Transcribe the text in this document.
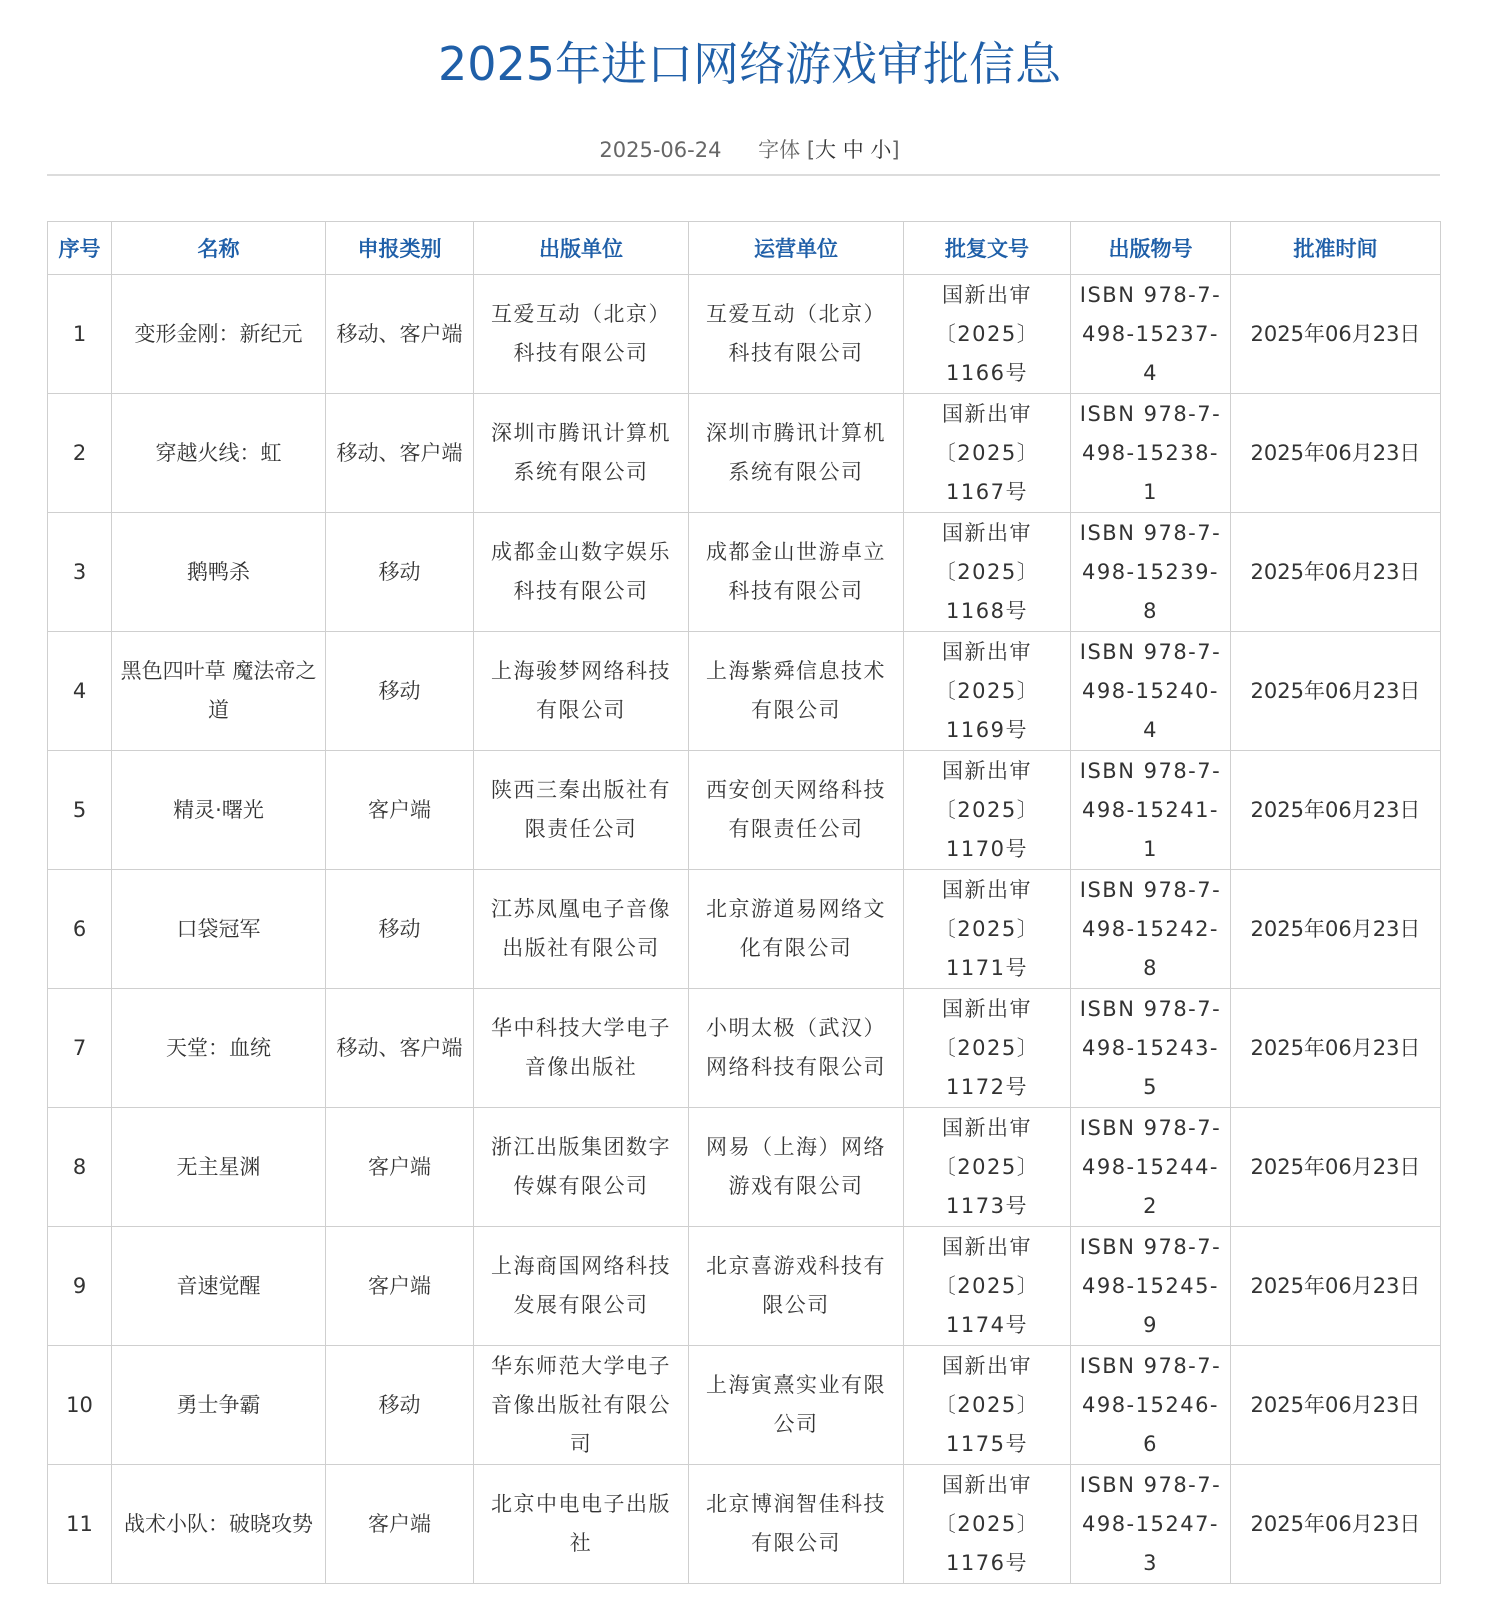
2025年进口网络游戏审批信息
2025-06-24 字体 [大 中 小]
序号	名称	申报类别	出版单位	运营单位	批复文号	出版物号	批准时间
1	变形金刚：新纪元	移动、客户端	互爱互动（北京）科技有限公司	互爱互动（北京）科技有限公司	国新出审〔2025〕1166号	ISBN 978-7-498-15237-4	2025年06月23日
2	穿越火线：虹	移动、客户端	深圳市腾讯计算机系统有限公司	深圳市腾讯计算机系统有限公司	国新出审〔2025〕1167号	ISBN 978-7-498-15238-1	2025年06月23日
3	鹅鸭杀	移动	成都金山数字娱乐科技有限公司	成都金山世游卓立科技有限公司	国新出审〔2025〕1168号	ISBN 978-7-498-15239-8	2025年06月23日
4	黑色四叶草 魔法帝之道	移动	上海骏梦网络科技有限公司	上海紫舜信息技术有限公司	国新出审〔2025〕1169号	ISBN 978-7-498-15240-4	2025年06月23日
5	精灵·曙光	客户端	陕西三秦出版社有限责任公司	西安创天网络科技有限责任公司	国新出审〔2025〕1170号	ISBN 978-7-498-15241-1	2025年06月23日
6	口袋冠军	移动	江苏凤凰电子音像出版社有限公司	北京游道易网络文化有限公司	国新出审〔2025〕1171号	ISBN 978-7-498-15242-8	2025年06月23日
7	天堂：血统	移动、客户端	华中科技大学电子音像出版社	小明太极（武汉）网络科技有限公司	国新出审〔2025〕1172号	ISBN 978-7-498-15243-5	2025年06月23日
8	无主星渊	客户端	浙江出版集团数字传媒有限公司	网易（上海）网络游戏有限公司	国新出审〔2025〕1173号	ISBN 978-7-498-15244-2	2025年06月23日
9	音速觉醒	客户端	上海商国网络科技发展有限公司	北京喜游戏科技有限公司	国新出审〔2025〕1174号	ISBN 978-7-498-15245-9	2025年06月23日
10	勇士争霸	移动	华东师范大学电子音像出版社有限公司	上海寅熹实业有限公司	国新出审〔2025〕1175号	ISBN 978-7-498-15246-6	2025年06月23日
11	战术小队：破晓攻势	客户端	北京中电电子出版社	北京博润智佳科技有限公司	国新出审〔2025〕1176号	ISBN 978-7-498-15247-3	2025年06月23日
